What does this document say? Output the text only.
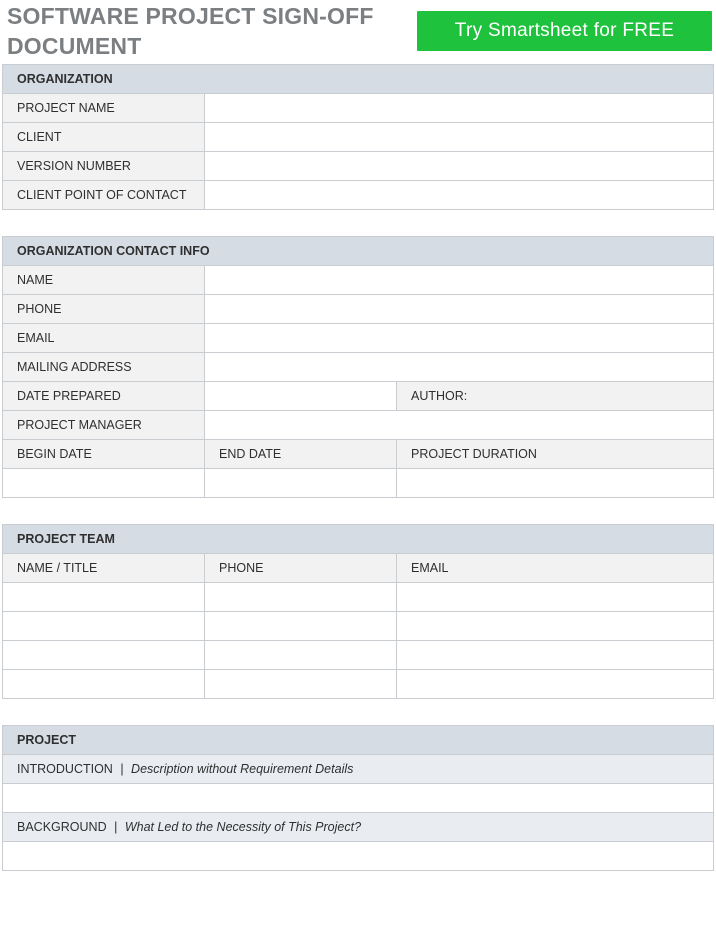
SOFTWARE PROJECT SIGN-OFF
DOCUMENT
Try Smartsheet for FREE
ORGANIZATION	
PROJECT NAME	
CLIENT	
VERSION NUMBER	
CLIENT POINT OF CONTACT	
ORGANIZATION CONTACT INFO		
NAME		
PHONE		
EMAIL		
MAILING ADDRESS		
DATE PREPARED		AUTHOR:
PROJECT MANAGER		
BEGIN DATE	END DATE	PROJECT DURATION

PROJECT TEAM		
NAME / TITLE	PHONE	EMAIL

PROJECT
INTRODUCTION | Description without Requirement Details

BACKGROUND | What Led to the Necessity of This Project?
